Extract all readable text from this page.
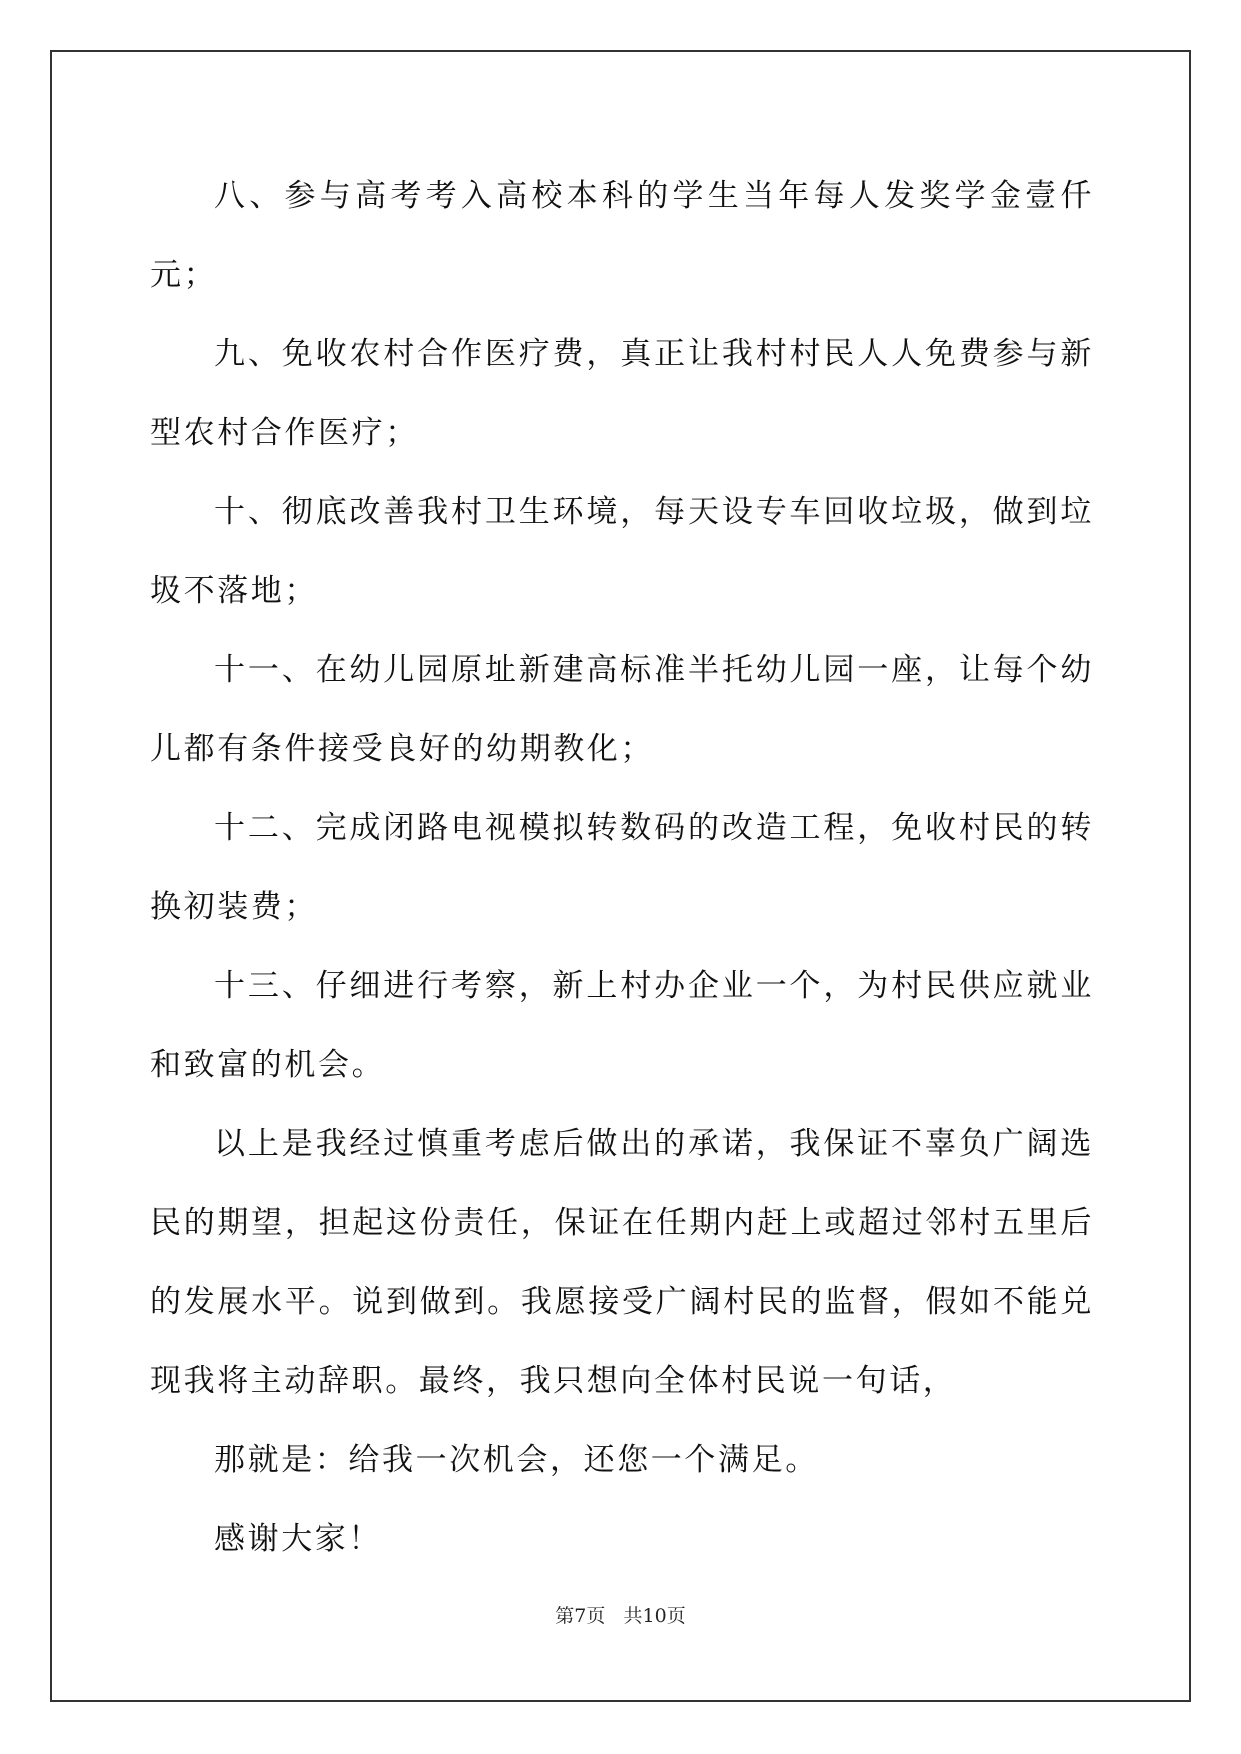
八、参与高考考入高校本科的学生当年每人发奖学金壹仟元；

九、免收农村合作医疗费，真正让我村村民人人免费参与新型农村合作医疗；

十、彻底改善我村卫生环境，每天设专车回收垃圾，做到垃圾不落地；

十一、在幼儿园原址新建高标准半托幼儿园一座，让每个幼儿都有条件接受良好的幼期教化；

十二、完成闭路电视模拟转数码的改造工程，免收村民的转换初装费；

十三、仔细进行考察，新上村办企业一个，为村民供应就业和致富的机会。

以上是我经过慎重考虑后做出的承诺，我保证不辜负广阔选民的期望，担起这份责任，保证在任期内赶上或超过邻村五里后的发展水平。说到做到。我愿接受广阔村民的监督，假如不能兑现我将主动辞职。最终，我只想向全体村民说一句话，

那就是：给我一次机会，还您一个满足。

感谢大家！

第7页 共10页
